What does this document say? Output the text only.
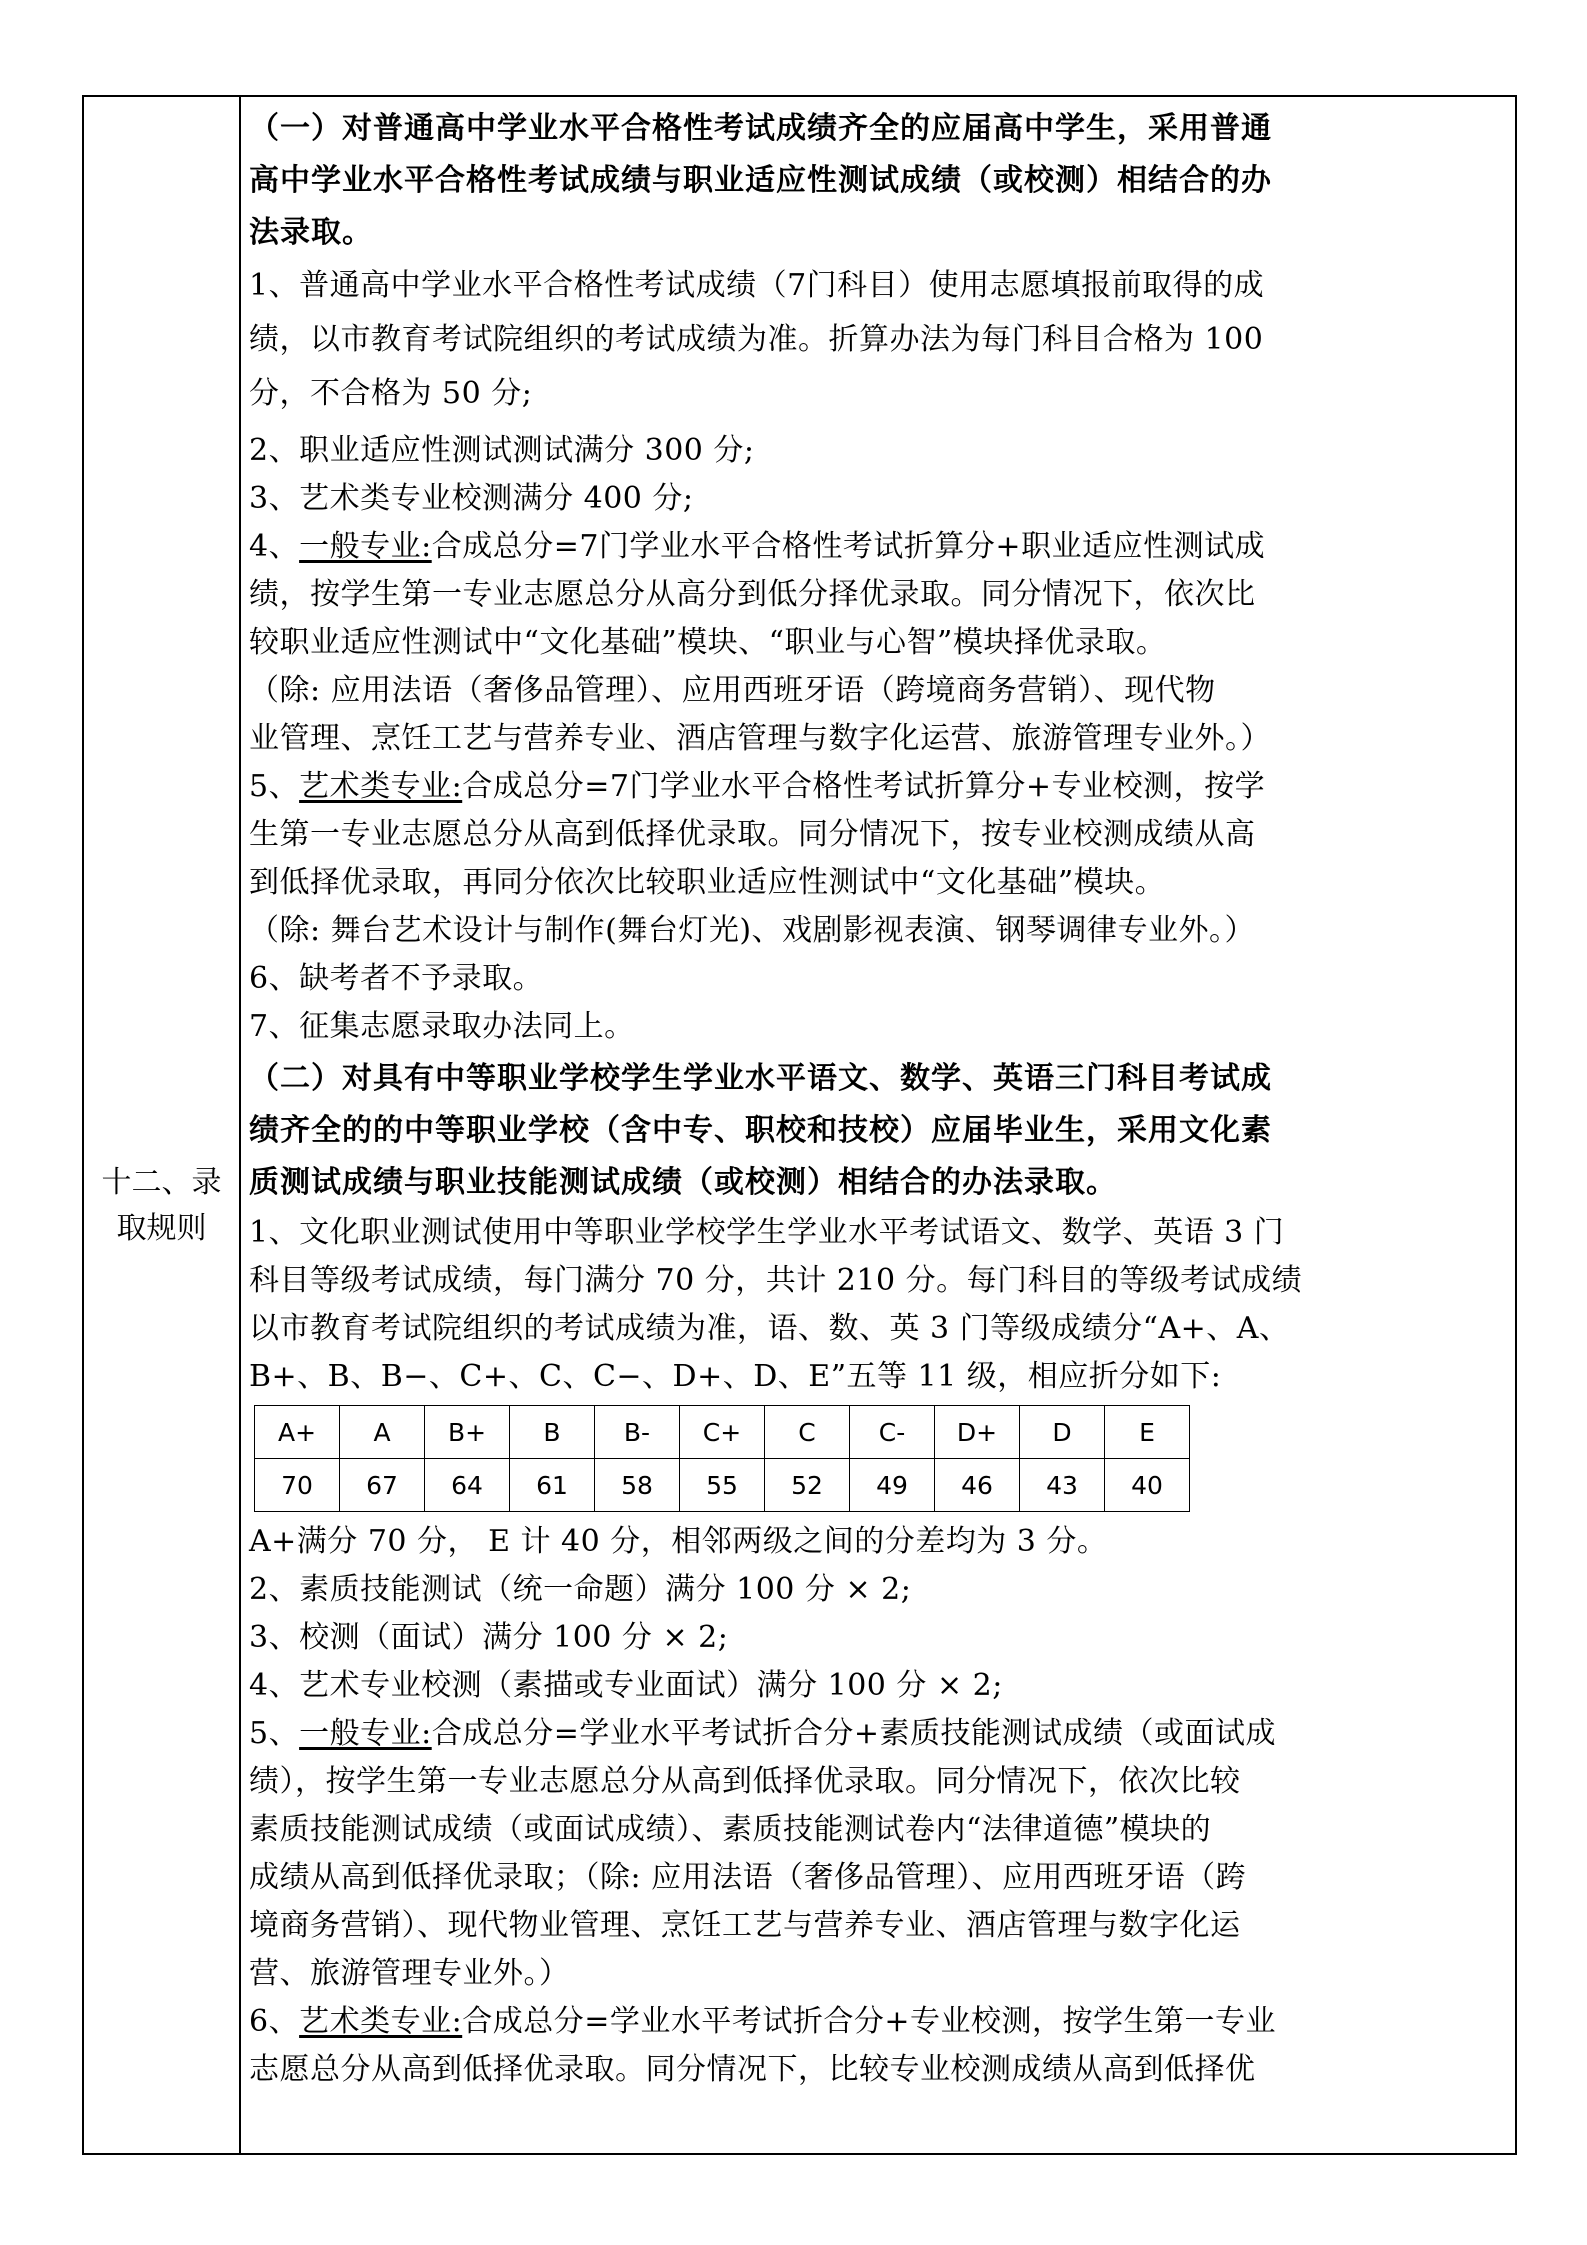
十二、录
取规则
（一）对普通高中学业水平合格性考试成绩齐全的应届高中学生，采用普通
高中学业水平合格性考试成绩与职业适应性测试成绩（或校测）相结合的办
法录取。
1、普通高中学业水平合格性考试成绩（7门科目）使用志愿填报前取得的成
绩，以市教育考试院组织的考试成绩为准。折算办法为每门科目合格为 100
分，不合格为 50 分;
2、职业适应性测试测试满分 300 分;
3、艺术类专业校测满分 400 分;
4、一般专业:合成总分=7门学业水平合格性考试折算分+职业适应性测试成
绩，按学生第一专业志愿总分从高分到低分择优录取。同分情况下，依次比
较职业适应性测试中“文化基础”模块、“职业与心智”模块择优录取。
（除: 应用法语（奢侈品管理）、应用西班牙语（跨境商务营销）、现代物
业管理、烹饪工艺与营养专业、酒店管理与数字化运营、旅游管理专业外。）
5、艺术类专业:合成总分=7门学业水平合格性考试折算分+专业校测，按学
生第一专业志愿总分从高到低择优录取。同分情况下，按专业校测成绩从高
到低择优录取，再同分依次比较职业适应性测试中“文化基础”模块。
（除: 舞台艺术设计与制作(舞台灯光)、戏剧影视表演、钢琴调律专业外。）
6、缺考者不予录取。
7、征集志愿录取办法同上。
（二）对具有中等职业学校学生学业水平语文、数学、英语三门科目考试成
绩齐全的的中等职业学校（含中专、职校和技校）应届毕业生，采用文化素
质测试成绩与职业技能测试成绩（或校测）相结合的办法录取。
1、文化职业测试使用中等职业学校学生学业水平考试语文、数学、英语 3 门
科目等级考试成绩，每门满分 70 分，共计 210 分。每门科目的等级考试成绩
以市教育考试院组织的考试成绩为准，语、数、英 3 门等级成绩分“A+、A、
B+、B、B−、C+、C、C−、D+、D、E”五等 11 级，相应折分如下:
A+	A	B+	B	B-	C+	C	C-	D+	D	E
70	67	64	61	58	55	52	49	46	43	40
A+满分 70 分， E 计 40 分，相邻两级之间的分差均为 3 分。
2、素质技能测试（统一命题）满分 100 分 × 2;
3、校测（面试）满分 100 分 × 2;
4、艺术专业校测（素描或专业面试）满分 100 分 × 2;
5、一般专业:合成总分=学业水平考试折合分+素质技能测试成绩（或面试成
绩），按学生第一专业志愿总分从高到低择优录取。同分情况下，依次比较
素质技能测试成绩（或面试成绩）、素质技能测试卷内“法律道德”模块的
成绩从高到低择优录取；（除: 应用法语（奢侈品管理）、应用西班牙语（跨
境商务营销）、现代物业管理、烹饪工艺与营养专业、酒店管理与数字化运
营、旅游管理专业外。）
6、艺术类专业:合成总分=学业水平考试折合分+专业校测，按学生第一专业
志愿总分从高到低择优录取。同分情况下，比较专业校测成绩从高到低择优
